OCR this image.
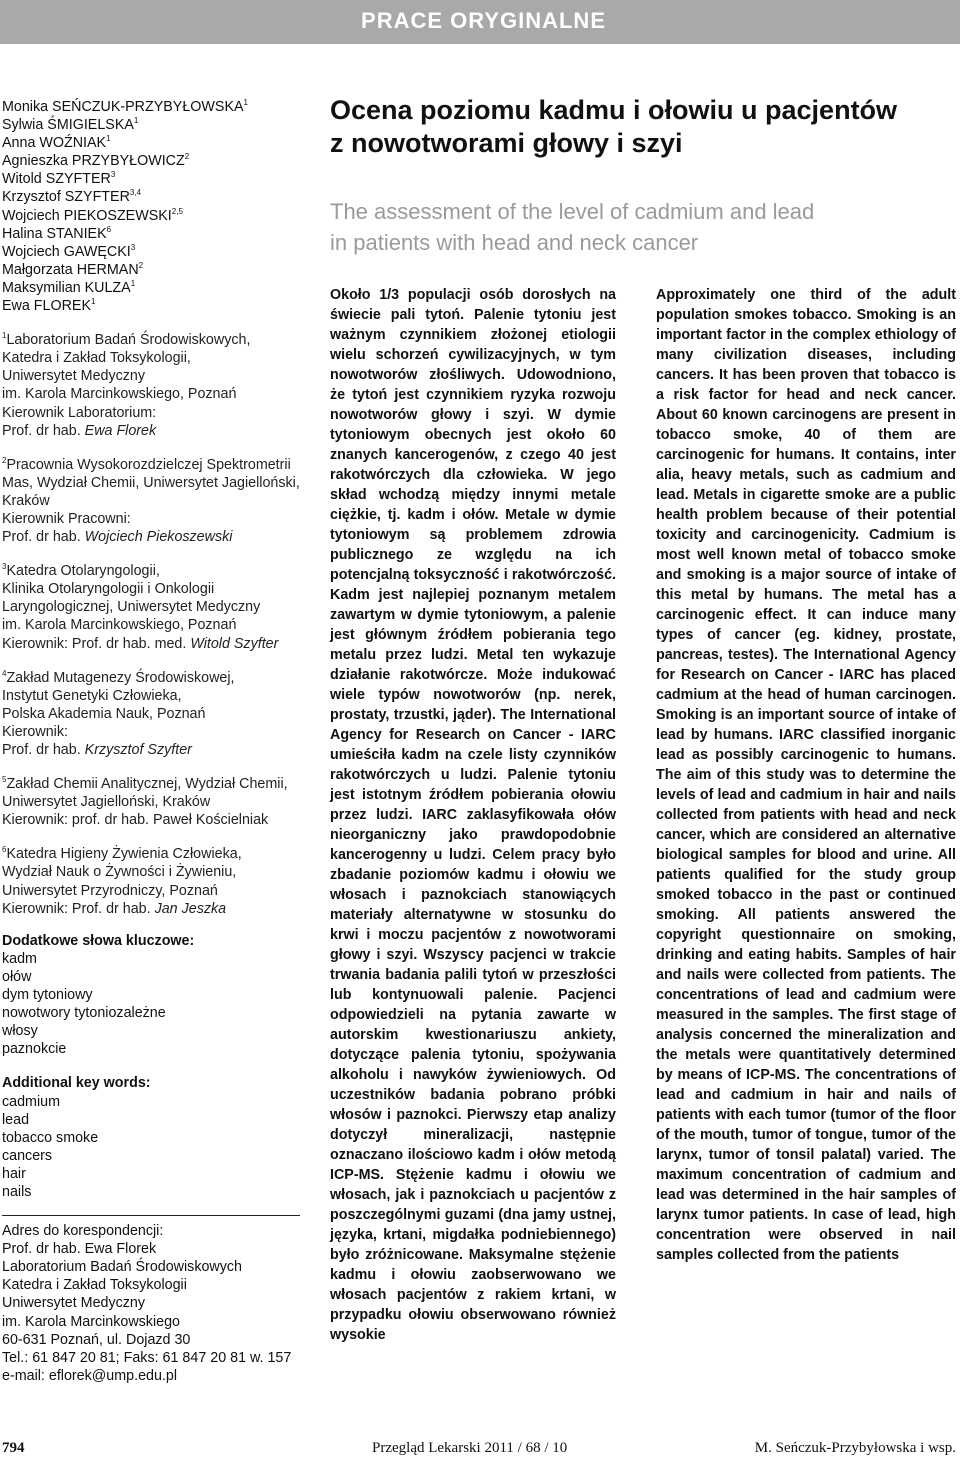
PRACE ORYGINALNE
Monika SEŃCZUK-PRZYBYŁOWSKA$^1$
Sylwia ŚMIGIELSKA$^1$
Anna WOŹNIAK$^1$
Agnieszka PRZYBYŁOWICZ$^2$
Witold SZYFTER$^3$
Krzysztof SZYFTER$^{3,4}$
Wojciech PIEKOSZEWSKI$^{2,5}$
Halina STANIEK$^6$
Wojciech GAWĘCKI$^3$
Małgorzata HERMAN$^2$
Maksymilian KULZA$^1$
Ewa FLOREK$^1$
$^1$Laboratorium Badań Środowiskowych,
Katedra i Zakład Toksykologii,
Uniwersytet Medyczny
im. Karola Marcinkowskiego, Poznań
Kierownik Laboratorium:
Prof. dr hab. Ewa Florek
$^2$Pracownia Wysokorozdzielczej Spektrometrii
Mas, Wydział Chemii, Uniwersytet Jagielloński,
Kraków
Kierownik Pracowni:
Prof. dr hab. Wojciech Piekoszewski
$^3$Katedra Otolaryngologii,
Klinika Otolaryngologii i Onkologii
Laryngologicznej, Uniwersytet Medyczny
im. Karola Marcinkowskiego, Poznań
Kierownik: Prof. dr hab. med. Witold Szyfter
$^4$Zakład Mutagenezy Środowiskowej,
Instytut Genetyki Człowieka,
Polska Akademia Nauk, Poznań
Kierownik:
Prof. dr hab. Krzysztof Szyfter
$^5$Zakład Chemii Analitycznej, Wydział Chemii,
Uniwersytet Jagielloński, Kraków
Kierownik: prof. dr hab. Paweł Kościelniak
$^6$Katedra Higieny Żywienia Człowieka,
Wydział Nauk o Żywności i Żywieniu,
Uniwersytet Przyrodniczy, Poznań
Kierownik: Prof. dr hab. Jan Jeszka
Dodatkowe słowa kluczowe:
kadm
ołów
dym tytoniowy
nowotwory tytoniozależne
włosy
paznokcie
Additional key words:
cadmium
lead
tobacco smoke
cancers
hair
nails
Adres do korespondencji:
Prof. dr hab. Ewa Florek
Laboratorium Badań Środowiskowych
Katedra i Zakład Toksykologii
Uniwersytet Medyczny
im. Karola Marcinkowskiego
60-631 Poznań, ul. Dojazd 30
Tel.: 61 847 20 81; Faks: 61 847 20 81 w. 157
e-mail: eflorek@ump.edu.pl
Ocena poziomu kadmu i ołowiu u pacjentów
z nowotworami głowy i szyi
The assessment of the level of cadmium and lead
in patients with head and neck cancer
Około 1/3 populacji osób dorosłych na świecie pali tytoń. Palenie tytoniu jest ważnym czynnikiem złożonej etiologii wielu schorzeń cywilizacyjnych, w tym nowotworów złośliwych. Udowodniono, że tytoń jest czynnikiem ryzyka rozwoju nowotworów głowy i szyi. W dymie tytoniowym obecnych jest około 60 znanych kancerogenów, z czego 40 jest rakotwórczych dla człowieka. W jego skład wchodzą między innymi metale ciężkie, tj. kadm i ołów. Metale w dymie tytoniowym są problemem zdrowia publicznego ze względu na ich potencjalną toksyczność i rakotwórczość. Kadm jest najlepiej poznanym metalem zawartym w dymie tytoniowym, a palenie jest głównym źródłem pobierania tego metalu przez ludzi. Metal ten wykazuje działanie rakotwórcze. Może indukować wiele typów nowotworów (np. nerek, prostaty, trzustki, jąder). The International Agency for Research on Cancer - IARC umieściła kadm na czele listy czynników rakotwórczych u ludzi. Palenie tytoniu jest istotnym źródłem pobierania ołowiu przez ludzi. IARC zaklasyfikowała ołów nieorganiczny jako prawdopodobnie kancerogenny u ludzi. Celem pracy było zbadanie poziomów kadmu i ołowiu we włosach i paznokciach stanowiących materiały alternatywne w stosunku do krwi i moczu pacjentów z nowotworami głowy i szyi. Wszyscy pacjenci w trakcie trwania badania palili tytoń w przeszłości lub kontynuowali palenie. Pacjenci odpowiedzieli na pytania zawarte w autorskim kwestionariuszu ankiety, dotyczące palenia tytoniu, spożywania alkoholu i nawyków żywieniowych. Od uczestników badania pobrano próbki włosów i paznokci. Pierwszy etap analizy dotyczył mineralizacji, następnie oznaczano ilościowo kadm i ołów metodą ICP-MS. Stężenie kadmu i ołowiu we włosach, jak i paznokciach u pacjentów z poszczególnymi guzami (dna jamy ustnej, języka, krtani, migdałka podniebiennego) było zróżnicowane. Maksymalne stężenie kadmu i ołowiu zaobserwowano we włosach pacjentów z rakiem krtani, w przypadku ołowiu obserwowano również wysokie
Approximately one third of the adult population smokes tobacco. Smoking is an important factor in the complex ethiology of many civilization diseases, including cancers. It has been proven that tobacco is a risk factor for head and neck cancer. About 60 known carcinogens are present in tobacco smoke, 40 of them are carcinogenic for humans. It contains, inter alia, heavy metals, such as cadmium and lead. Metals in cigarette smoke are a public health problem because of their potential toxicity and carcinogenicity. Cadmium is most well known metal of tobacco smoke and smoking is a major source of intake of this metal by humans. The metal has a carcinogenic effect. It can induce many types of cancer (eg. kidney, prostate, pancreas, testes). The International Agency for Research on Cancer - IARC has placed cadmium at the head of human carcinogen. Smoking is an important source of intake of lead by humans. IARC classified inorganic lead as possibly carcinogenic to humans. The aim of this study was to determine the levels of lead and cadmium in hair and nails collected from patients with head and neck cancer, which are considered an alternative biological samples for blood and urine. All patients qualified for the study group smoked tobacco in the past or continued smoking. All patients answered the copyright questionnaire on smoking, drinking and eating habits. Samples of hair and nails were collected from patients. The concentrations of lead and cadmium were measured in the samples. The first stage of analysis concerned the mineralization and the metals were quantitatively determined by means of ICP-MS. The concentrations of lead and cadmium in hair and nails of patients with each tumor (tumor of the floor of the mouth, tumor of tongue, tumor of the larynx, tumor of tonsil palatal) varied. The maximum concentration of cadmium and lead was determined in the hair samples of larynx tumor patients. In case of lead, high concentration were observed in nail samples collected from the patients
794	Przegląd Lekarski 2011 / 68 / 10	M. Seńczuk-Przybyłowska i wsp.
